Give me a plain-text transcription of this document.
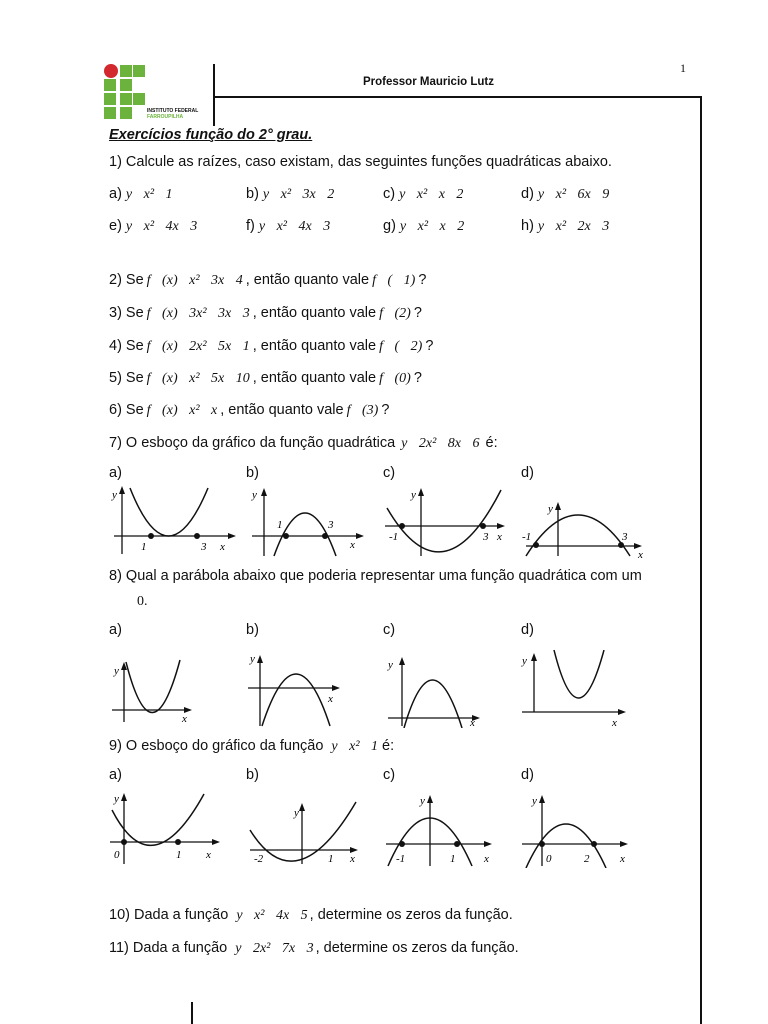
INSTITUTO FEDERAL
FARROUPILHA
1
Professor Mauricio Lutz
Exercícios função do 2° grau.
1) Calcule as raízes, caso existam, das seguintes funções quadráticas abaixo.
a) y x² 1	b) y x² 3x 2	c) y x² x 2	d) y x² 6x 9
e) y x² 4x 3	f) y x² 4x 3	g) y x² x 2	h) y x² 2x 3
2) Se f (x) x² 3x 4 , então quanto vale f ( 1) ?
3) Se f (x) 3x² 3x 3 , então quanto vale f (2) ?
4) Se f (x) 2x² 5x 1 , então quanto vale f ( 2) ?
5) Se f (x) x² 5x 10 , então quanto vale f (0) ?
6) Se f (x) x² x , então quanto vale f (3) ?
7) O esboço da gráfico da função quadrática y 2x² 8x 6 é:
a)	b)	c)	d)
y
1	3 x
y
1	3
x
y
-1	3 x
y
-1	3
x
8) Qual a parábola abaixo que poderia representar uma função quadrática com um
0.
a)	b)	c)	d)
y
x
y
x
y
x
y
x
9) O esboço do gráfico da função y x² 1 é:
a)	b)	c)	d)
y
0	1 x
y
-2	1 x
y
-1	1	x
y
0	2	x
10) Dada a função y x² 4x 5 , determine os zeros da função.
11) Dada a função y 2x² 7x 3 , determine os zeros da função.
